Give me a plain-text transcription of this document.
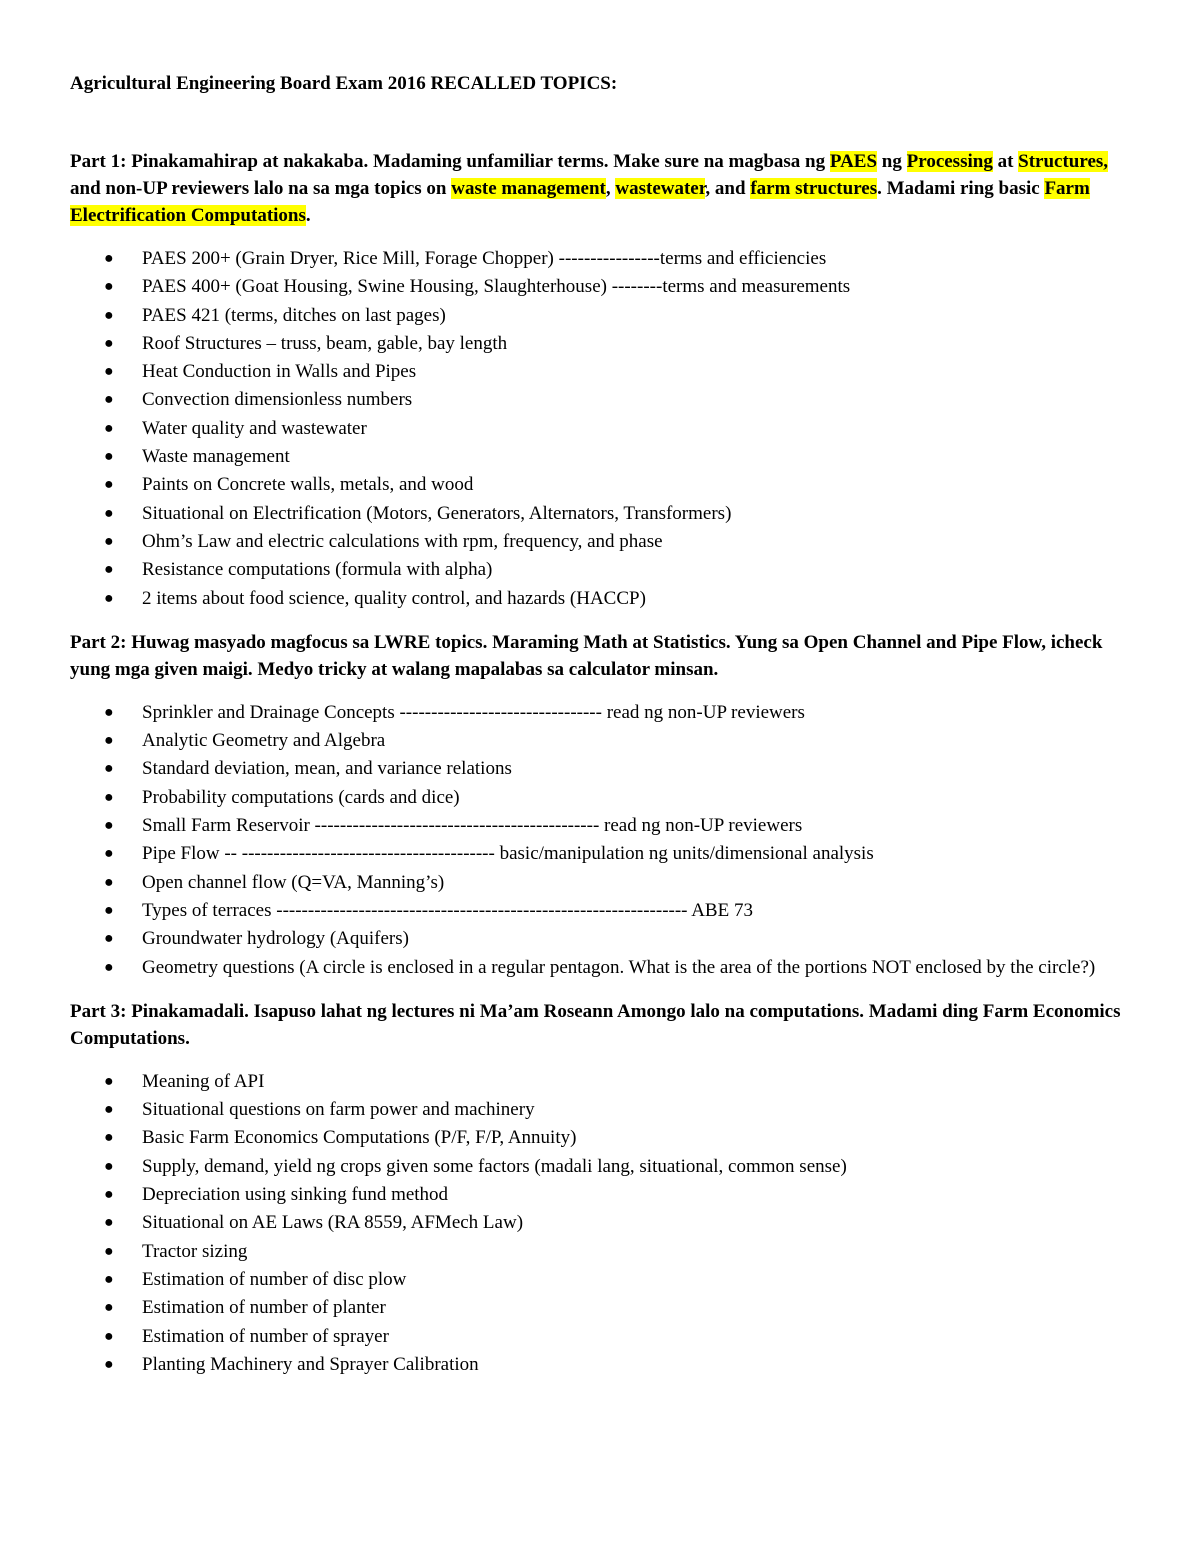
Agricultural Engineering Board Exam 2016 RECALLED TOPICS:

Part 1: Pinakamahirap at nakakaba. Madaming unfamiliar terms. Make sure na magbasa ng PAES ng Processing at Structures, and non-UP reviewers lalo na sa mga topics on waste management, wastewater, and farm structures. Madami ring basic Farm Electrification Computations.

● PAES 200+ (Grain Dryer, Rice Mill, Forage Chopper) ----------------terms and efficiencies
● PAES 400+ (Goat Housing, Swine Housing, Slaughterhouse) --------terms and measurements
● PAES 421 (terms, ditches on last pages)
● Roof Structures – truss, beam, gable, bay length
● Heat Conduction in Walls and Pipes
● Convection dimensionless numbers
● Water quality and wastewater
● Waste management
● Paints on Concrete walls, metals, and wood
● Situational on Electrification (Motors, Generators, Alternators, Transformers)
● Ohm’s Law and electric calculations with rpm, frequency, and phase
● Resistance computations (formula with alpha)
● 2 items about food science, quality control, and hazards (HACCP)

Part 2: Huwag masyado magfocus sa LWRE topics. Maraming Math at Statistics. Yung sa Open Channel and Pipe Flow, icheck yung mga given maigi. Medyo tricky at walang mapalabas sa calculator minsan.

● Sprinkler and Drainage Concepts -------------------------------- read ng non-UP reviewers
● Analytic Geometry and Algebra
● Standard deviation, mean, and variance relations
● Probability computations (cards and dice)
● Small Farm Reservoir --------------------------------------------- read ng non-UP reviewers
● Pipe Flow -- ---------------------------------------- basic/manipulation ng units/dimensional analysis
● Open channel flow (Q=VA, Manning’s)
● Types of terraces ----------------------------------------------------------------- ABE 73
● Groundwater hydrology (Aquifers)
● Geometry questions (A circle is enclosed in a regular pentagon. What is the area of the portions NOT enclosed by the circle?)

Part 3: Pinakamadali. Isapuso lahat ng lectures ni Ma’am Roseann Amongo lalo na computations. Madami ding Farm Economics Computations.

● Meaning of API
● Situational questions on farm power and machinery
● Basic Farm Economics Computations (P/F, F/P, Annuity)
● Supply, demand, yield ng crops given some factors (madali lang, situational, common sense)
● Depreciation using sinking fund method
● Situational on AE Laws (RA 8559, AFMech Law)
● Tractor sizing
● Estimation of number of disc plow
● Estimation of number of planter
● Estimation of number of sprayer
● Planting Machinery and Sprayer Calibration
